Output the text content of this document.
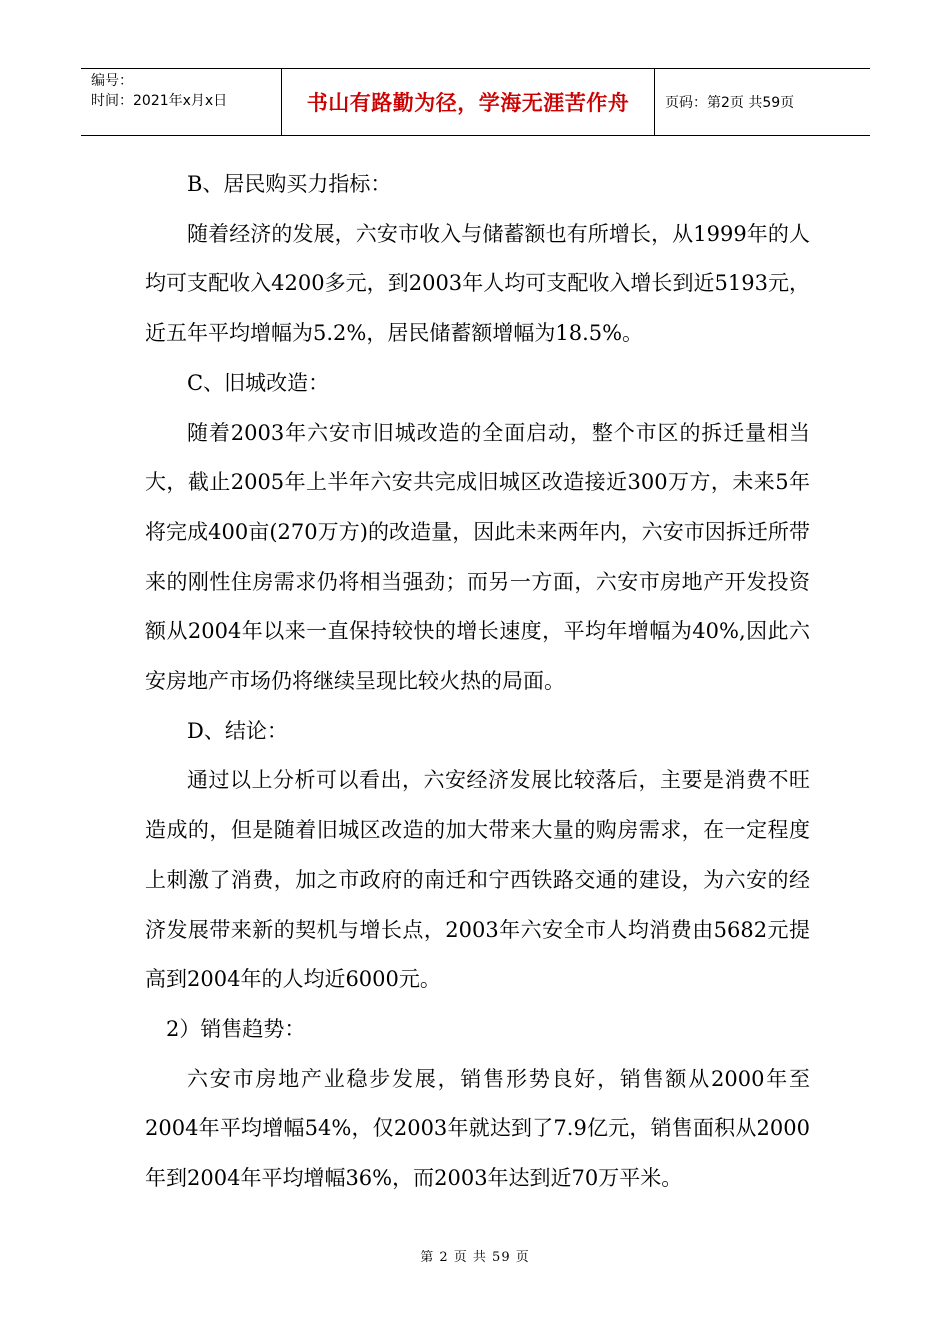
编号：
时间：2021年x月x日	书山有路勤为径，学海无涯苦作舟	页码：第2页 共59页

B、居民购买力指标：

随着经济的发展，六安市收入与储蓄额也有所增长，从1999年的人均可支配收入4200多元，到2003年人均可支配收入增长到近5193元，近五年平均增幅为5.2%，居民储蓄额增幅为18.5%。

C、旧城改造：

随着2003年六安市旧城改造的全面启动，整个市区的拆迁量相当大，截止2005年上半年六安共完成旧城区改造接近300万方，未来5年将完成400亩(270万方)的改造量，因此未来两年内，六安市因拆迁所带来的刚性住房需求仍将相当强劲；而另一方面，六安市房地产开发投资额从2004年以来一直保持较快的增长速度，平均年增幅为40%,因此六安房地产市场仍将继续呈现比较火热的局面。

D、结论：

通过以上分析可以看出，六安经济发展比较落后，主要是消费不旺造成的，但是随着旧城区改造的加大带来大量的购房需求，在一定程度上刺激了消费，加之市政府的南迁和宁西铁路交通的建设，为六安的经济发展带来新的契机与增长点，2003年六安全市人均消费由5682元提高到2004年的人均近6000元。

2）销售趋势：

六安市房地产业稳步发展，销售形势良好，销售额从2000年至2004年平均增幅54%，仅2003年就达到了7.9亿元，销售面积从2000年到2004年平均增幅36%，而2003年达到近70万平米。

第 2 页 共 59 页
